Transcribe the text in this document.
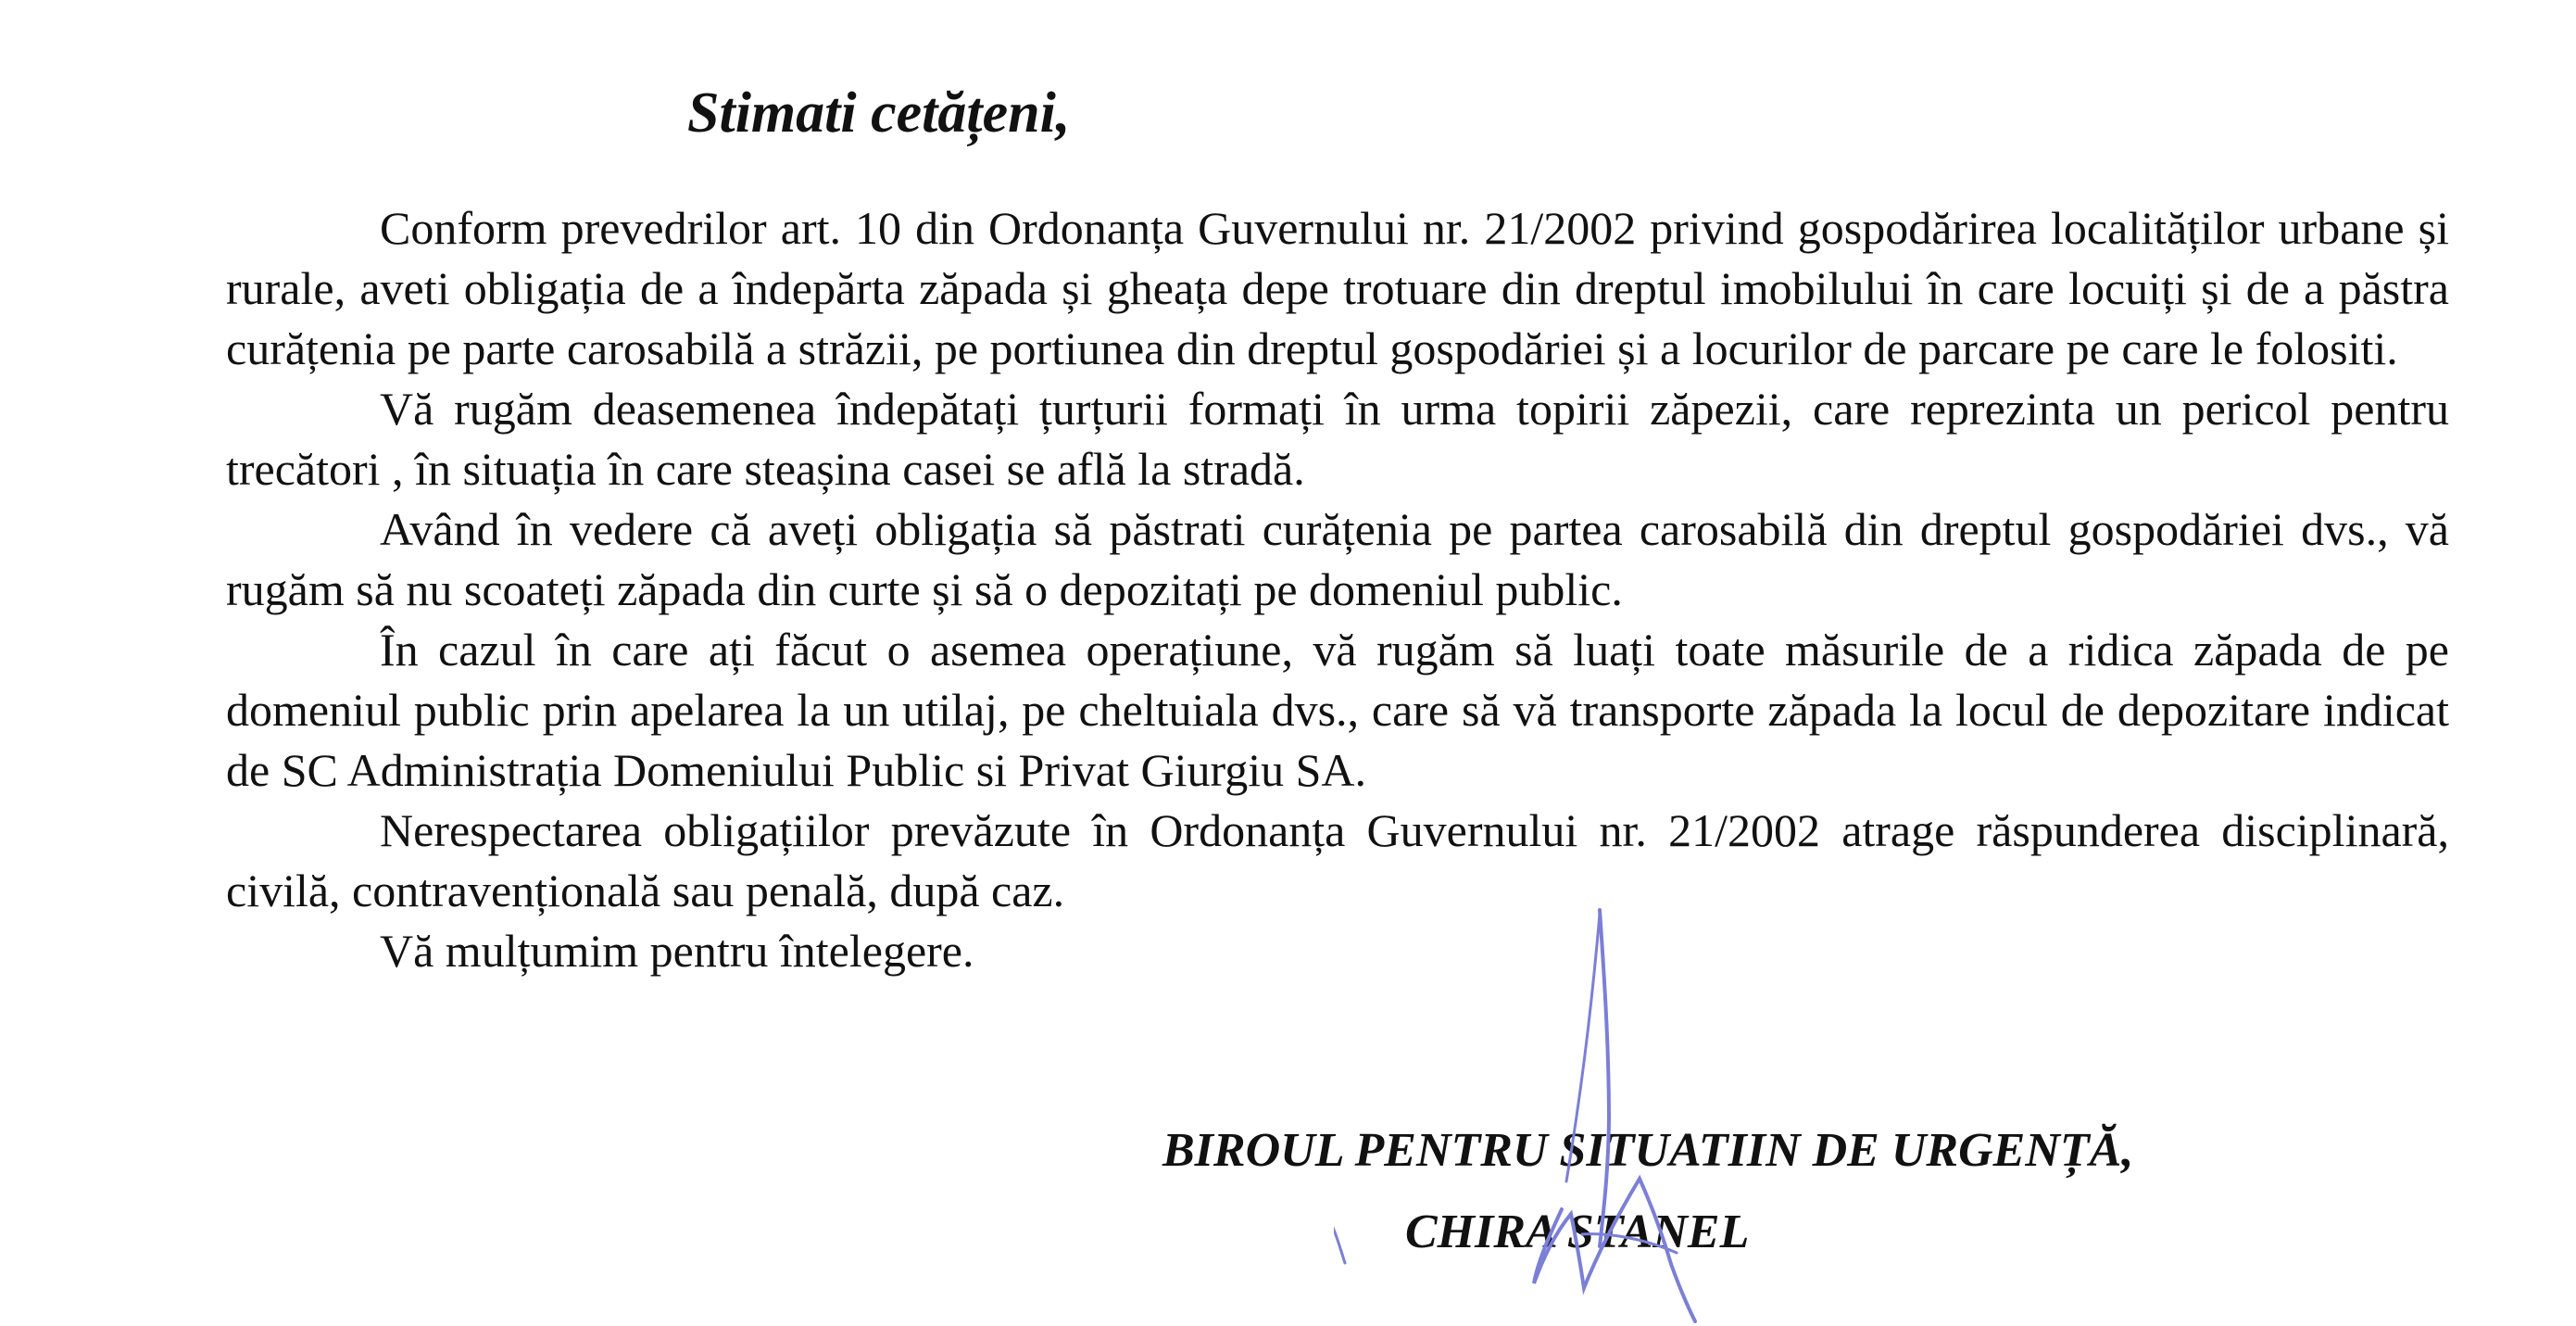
Stimati cetățeni,

Conform prevedrilor art. 10 din Ordonanța Guvernului nr. 21/2002 privind gospodărirea localităților urbane și rurale, aveti obligația de a îndepărta zăpada și gheața depe trotuare din dreptul imobilului în care locuiți și de a păstra curățenia pe parte carosabilă a străzii, pe portiunea din dreptul gospodăriei și a locurilor de parcare pe care le folositi.

Vă rugăm deasemenea îndepătați țurțurii formați în urma topirii zăpezii, care reprezinta un pericol pentru trecători , în situația în care steașina casei se află la stradă.

Având în vedere că aveți obligația să păstrati curățenia pe partea carosabilă din dreptul gospodăriei dvs., vă rugăm să nu scoateți zăpada din curte și să o depozitați pe domeniul public.

În cazul în care ați făcut o asemea operațiune, vă rugăm să luați toate măsurile de a ridica zăpada de pe domeniul public prin apelarea la un utilaj, pe cheltuiala dvs., care să vă transporte zăpada la locul de depozitare indicat de SC Administrația Domeniului Public si Privat Giurgiu SA.

Nerespectarea obligațiilor prevăzute în Ordonanța Guvernului nr. 21/2002 atrage răspunderea disciplinară, civilă, contravențională sau penală, după caz.

Vă mulțumim pentru întelegere.

BIROUL PENTRU SITUATIIN DE URGENȚĂ,
CHIRA STANEL
